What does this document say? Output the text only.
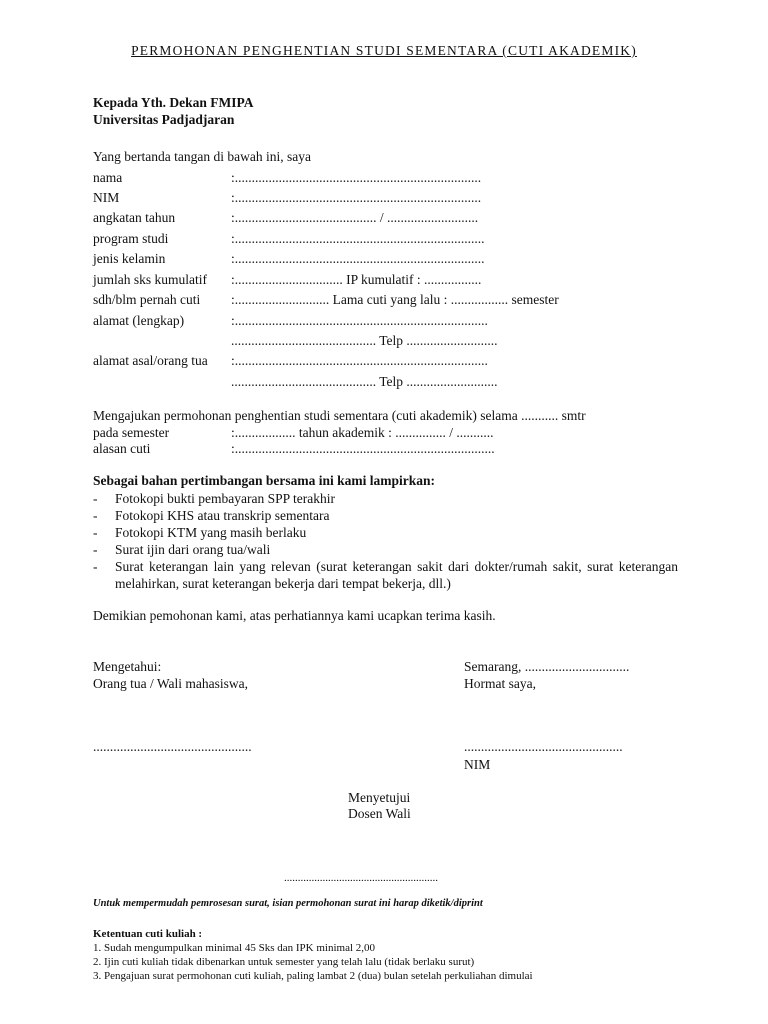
PERMOHONAN PENGHENTIAN STUDI SEMENTARA (CUTI AKADEMIK)
Kepada Yth. Dekan FMIPA
Universitas Padjadjaran
Yang bertanda tangan di bawah ini, saya
nama	:.........................................................................
NIM	:.........................................................................
angkatan tahun	:.......................................... / ...........................
program studi	:..........................................................................
jenis kelamin	:..........................................................................
jumlah sks kumulatif :................................ IP kumulatif : .................
sdh/blm pernah cuti :............................ Lama cuti yang lalu : ................. semester
alamat (lengkap)	:...........................................................................
........................................... Telp ...........................
alamat asal/orang tua :...........................................................................
........................................... Telp ...........................
Mengajukan permohonan penghentian studi sementara (cuti akademik) selama ........... smtr
pada semester	:.................. tahun akademik : ............... / ...........
alasan cuti	:.............................................................................
Sebagai bahan pertimbangan bersama ini kami lampirkan:
- Fotokopi bukti pembayaran SPP terakhir
- Fotokopi KHS atau transkrip sementara
- Fotokopi KTM yang masih berlaku
- Surat ijin dari orang tua/wali
- Surat keterangan lain yang relevan (surat keterangan sakit dari dokter/rumah sakit, surat keterangan melahirkan, surat keterangan bekerja dari tempat bekerja, dll.)
Demikian pemohonan kami, atas perhatiannya kami ucapkan terima kasih.
Mengetahui:
Orang tua / Wali mahasiswa,
Semarang, ...............................
Hormat saya,
...............................................	...............................................
NIM
Menyetujui
Dosen Wali
........................................................
Untuk mempermudah pemrosesan surat, isian permohonan surat ini harap diketik/diprint
Ketentuan cuti kuliah :
1. Sudah mengumpulkan minimal 45 Sks dan IPK minimal 2,00
2. Ijin cuti kuliah tidak dibenarkan untuk semester yang telah lalu (tidak berlaku surut)
3. Pengajuan surat permohonan cuti kuliah, paling lambat 2 (dua) bulan setelah perkuliahan dimulai
